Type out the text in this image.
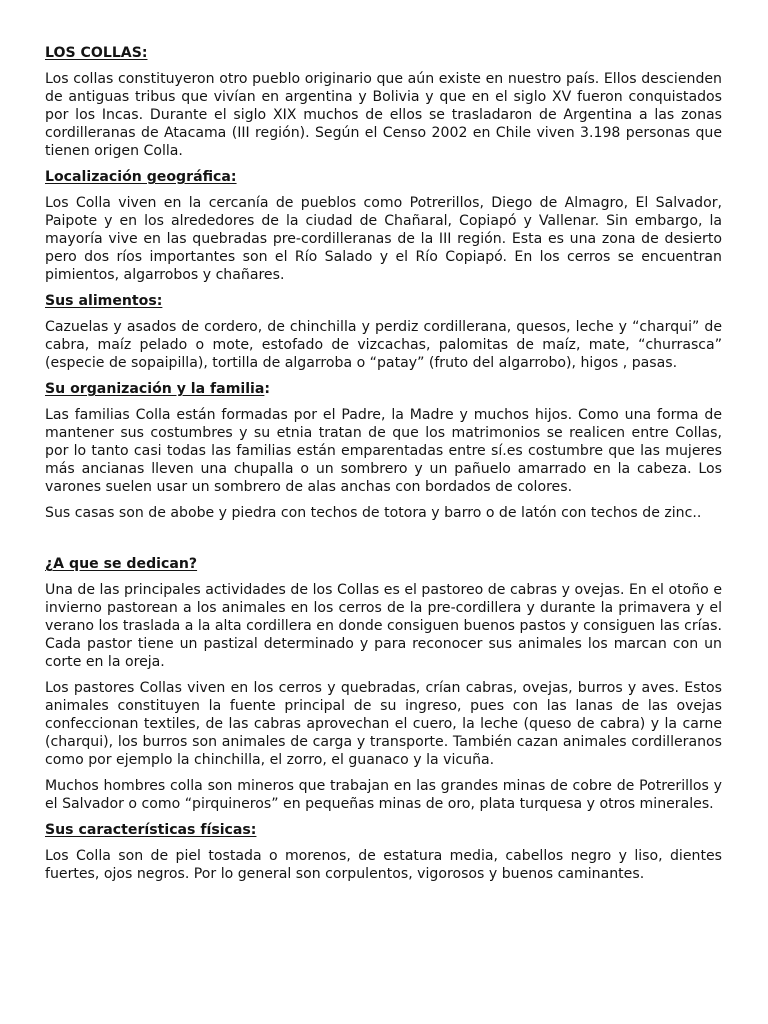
LOS COLLAS:

Los collas constituyeron otro pueblo originario que aún existe en nuestro país. Ellos descienden de antiguas tribus que vivían en argentina y Bolivia y que en el siglo XV fueron conquistados por los Incas. Durante el siglo XIX muchos de ellos se trasladaron de Argentina a las zonas cordilleranas de Atacama (III región). Según el Censo 2002 en Chile viven 3.198 personas que tienen origen Colla.

Localización geográfica:

Los Colla viven en la cercanía de pueblos como Potrerillos, Diego de Almagro, El Salvador, Paipote y en los alrededores de la ciudad de Chañaral, Copiapó y Vallenar. Sin embargo, la mayoría vive en las quebradas pre-cordilleranas de la III región. Esta es una zona de desierto pero dos ríos importantes son el Río Salado y el Río Copiapó. En los cerros se encuentran pimientos, algarrobos y chañares.

Sus alimentos:

Cazuelas y asados de cordero, de chinchilla y perdiz cordillerana, quesos, leche y “charqui” de cabra, maíz pelado o mote, estofado de vizcachas, palomitas de maíz, mate, “churrasca” (especie de sopaipilla), tortilla de algarroba o “patay” (fruto del algarrobo), higos , pasas.

Su organización y la familia:

Las familias Colla están formadas por el Padre, la Madre y muchos hijos. Como una forma de mantener sus costumbres y su etnia tratan de que los matrimonios se realicen entre Collas, por lo tanto casi todas las familias están emparentadas entre sí.es costumbre que las mujeres más ancianas lleven una chupalla o un sombrero y un pañuelo amarrado en la cabeza. Los varones suelen usar un sombrero de alas anchas con bordados de colores.

Sus casas son de abobe y piedra con techos de totora y barro o de latón con techos de zinc..

¿A que se dedican?

Una de las principales actividades de los Collas es el pastoreo de cabras y ovejas. En el otoño e invierno pastorean a los animales en los cerros de la pre-cordillera y durante la primavera y el verano los traslada a la alta cordillera en donde consiguen buenos pastos y consiguen las crías. Cada pastor tiene un pastizal determinado y para reconocer sus animales los marcan con un corte en la oreja.

Los pastores Collas viven en los cerros y quebradas, crían cabras, ovejas, burros y aves. Estos animales constituyen la fuente principal de su ingreso, pues con las lanas de las ovejas confeccionan textiles, de las cabras aprovechan el cuero, la leche (queso de cabra) y la carne (charqui), los burros son animales de carga y transporte. También cazan animales cordilleranos como por ejemplo la chinchilla, el zorro, el guanaco y la vicuña.

Muchos hombres colla son mineros que trabajan en las grandes minas de cobre de Potrerillos y el Salvador o como “pirquineros” en pequeñas minas de oro, plata turquesa y otros minerales.

Sus características físicas:

Los Colla son de piel tostada o morenos, de estatura media, cabellos negro y liso, dientes fuertes, ojos negros. Por lo general son corpulentos, vigorosos y buenos caminantes.
